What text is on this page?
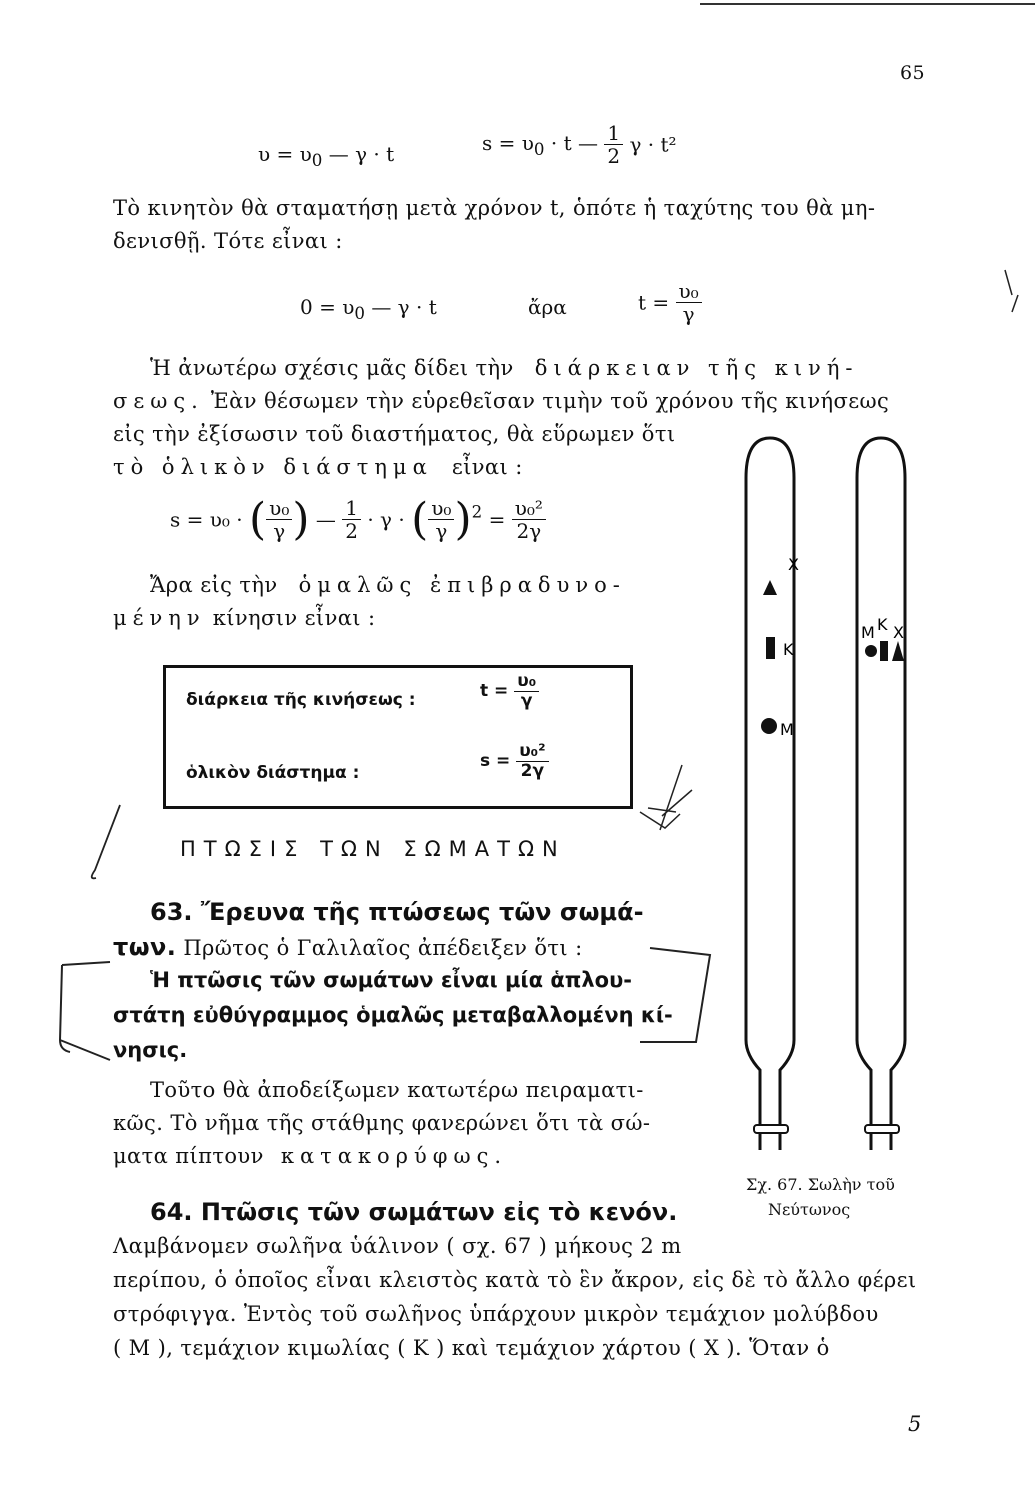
65
$\upsilon = \upsilon_0$ — γ · t	$s = \upsilon_0 \cdot t$ — $\frac{1}{2}$ γ · t²
Τὸ κινητὸν θὰ σταματήσῃ μετὰ χρόνον t, ὁπότε ἡ ταχύτης του θὰ μη-
δενισθῇ. Τότε εἶναι :
$0 = \upsilon_0$ — γ · t	ἄρα	$t = \frac{\text{υ₀}}{\gamma}$
Ἡ ἀνωτέρω σχέσις μᾶς δίδει τὴν διάρκειαν τῆς κινή-
σεως. Ἐὰν θέσωμεν τὴν εὑρεθεῖσαν τιμὴν τοῦ χρόνου τῆς κινήσεως
εἰς τὴν ἐξίσωσιν τοῦ διαστήματος, θὰ εὕρωμεν ὅτι
τὸ ὁλικὸν διάστημα εἶναι :
s = υ₀ · ( $\frac{\text{υ₀}}{\gamma}$ ) — $\frac{1}{2} \cdot \gamma$ · ( $\frac{\text{υ₀}}{\gamma} )^2 = \frac{\text{υ₀²}}{2\gamma}$
Ἄρα εἰς τὴν ὁμαλῶς ἐπιβραδυνο-
μένην κίνησιν εἶναι :
διάρκεια τῆς κινήσεως :	$t = \frac{\text{υ₀}}{\gamma}$
ὁλικὸν διάστημα :
$s = \frac{\text{υ₀²}}{2\gamma}$
ΠΤΩΣΙΣ ΤΩΝ ΣΩΜΑΤΩΝ
63. Ἔρευνα τῆς πτώσεως τῶν σωμά-
των. Πρῶτος ὁ Γαλιλαῖος ἀπέδειξεν ὅτι :
Ἡ πτῶσις τῶν σωμάτων εἶναι μία ἁπλου-
στάτη εὐθύγραμμος ὁμαλῶς μεταβαλλομένη κί-
νησις.
Τοῦτο θὰ ἀποδείξωμεν κατωτέρω πειραματι-
κῶς. Τὸ νῆμα τῆς στάθμης φανερώνει ὅτι τὰ σώ-
ματα πίπτουν κατακορύφως.
64. Πτῶσις τῶν σωμάτων εἰς τὸ κενόν.
Λαμβάνομεν σωλῆνα ὑάλινον ( σχ. 67 ) μήκους 2 m
περίπου, ὁ ὁποῖος εἶναι κλειστὸς κατὰ τὸ ἓν ἄκρον, εἰς δὲ τὸ ἄλλο φέρει
στρόφιγγα. Ἐντὸς τοῦ σωλῆνος ὑπάρχουν μικρὸν τεμάχιον μολύβδου
( M ), τεμάχιον κιμωλίας ( K ) καὶ τεμάχιον χάρτου ( X ). Ὅταν ὁ
Σχ. 67. Σωλὴν τοῦ
Νεύτωνος
5
X
K
M
M K X
